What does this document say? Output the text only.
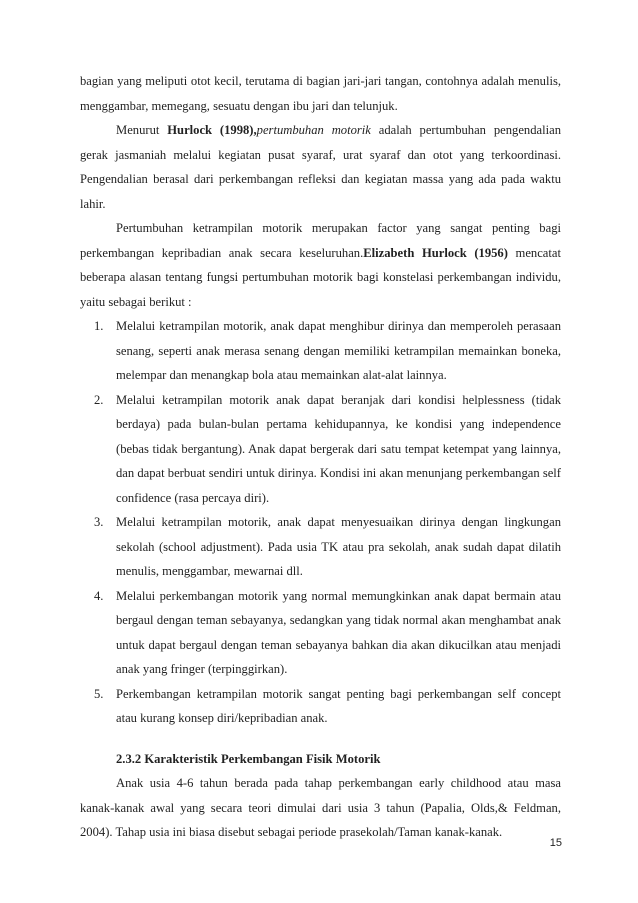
bagian yang meliputi otot kecil, terutama di bagian jari-jari tangan, contohnya adalah menulis, menggambar, memegang, sesuatu dengan ibu jari dan telunjuk.

Menurut Hurlock (1998),pertumbuhan motorik adalah pertumbuhan pengendalian gerak jasmaniah melalui kegiatan pusat syaraf, urat syaraf dan otot yang terkoordinasi. Pengendalian berasal dari perkembangan refleksi dan kegiatan massa yang ada pada waktu lahir.

Pertumbuhan ketrampilan motorik merupakan factor yang sangat penting bagi perkembangan kepribadian anak secara keseluruhan.Elizabeth Hurlock (1956) mencatat beberapa alasan tentang fungsi pertumbuhan motorik bagi konstelasi perkembangan individu, yaitu sebagai berikut :

1. Melalui ketrampilan motorik, anak dapat menghibur dirinya dan memperoleh perasaan senang, seperti anak merasa senang dengan memiliki ketrampilan memainkan boneka, melempar dan menangkap bola atau memainkan alat-alat lainnya.
2. Melalui ketrampilan motorik anak dapat beranjak dari kondisi helplessness (tidak berdaya) pada bulan-bulan pertama kehidupannya, ke kondisi yang independence (bebas tidak bergantung). Anak dapat bergerak dari satu tempat ketempat yang lainnya, dan dapat berbuat sendiri untuk dirinya. Kondisi ini akan menunjang perkembangan self confidence (rasa percaya diri).
3. Melalui ketrampilan motorik, anak dapat menyesuaikan dirinya dengan lingkungan sekolah (school adjustment). Pada usia TK atau pra sekolah, anak sudah dapat dilatih menulis, menggambar, mewarnai dll.
4. Melalui perkembangan motorik yang normal memungkinkan anak dapat bermain atau bergaul dengan teman sebayanya, sedangkan yang tidak normal akan menghambat anak untuk dapat bergaul dengan teman sebayanya bahkan dia akan dikucilkan atau menjadi anak yang fringer (terpinggirkan).
5. Perkembangan ketrampilan motorik sangat penting bagi perkembangan self concept atau kurang konsep diri/kepribadian anak.
2.3.2 Karakteristik Perkembangan Fisik Motorik

Anak usia 4-6 tahun berada pada tahap perkembangan early childhood atau masa kanak-kanak awal yang secara teori dimulai dari usia 3 tahun (Papalia, Olds,& Feldman, 2004). Tahap usia ini biasa disebut sebagai periode prasekolah/Taman kanak-kanak.

15
